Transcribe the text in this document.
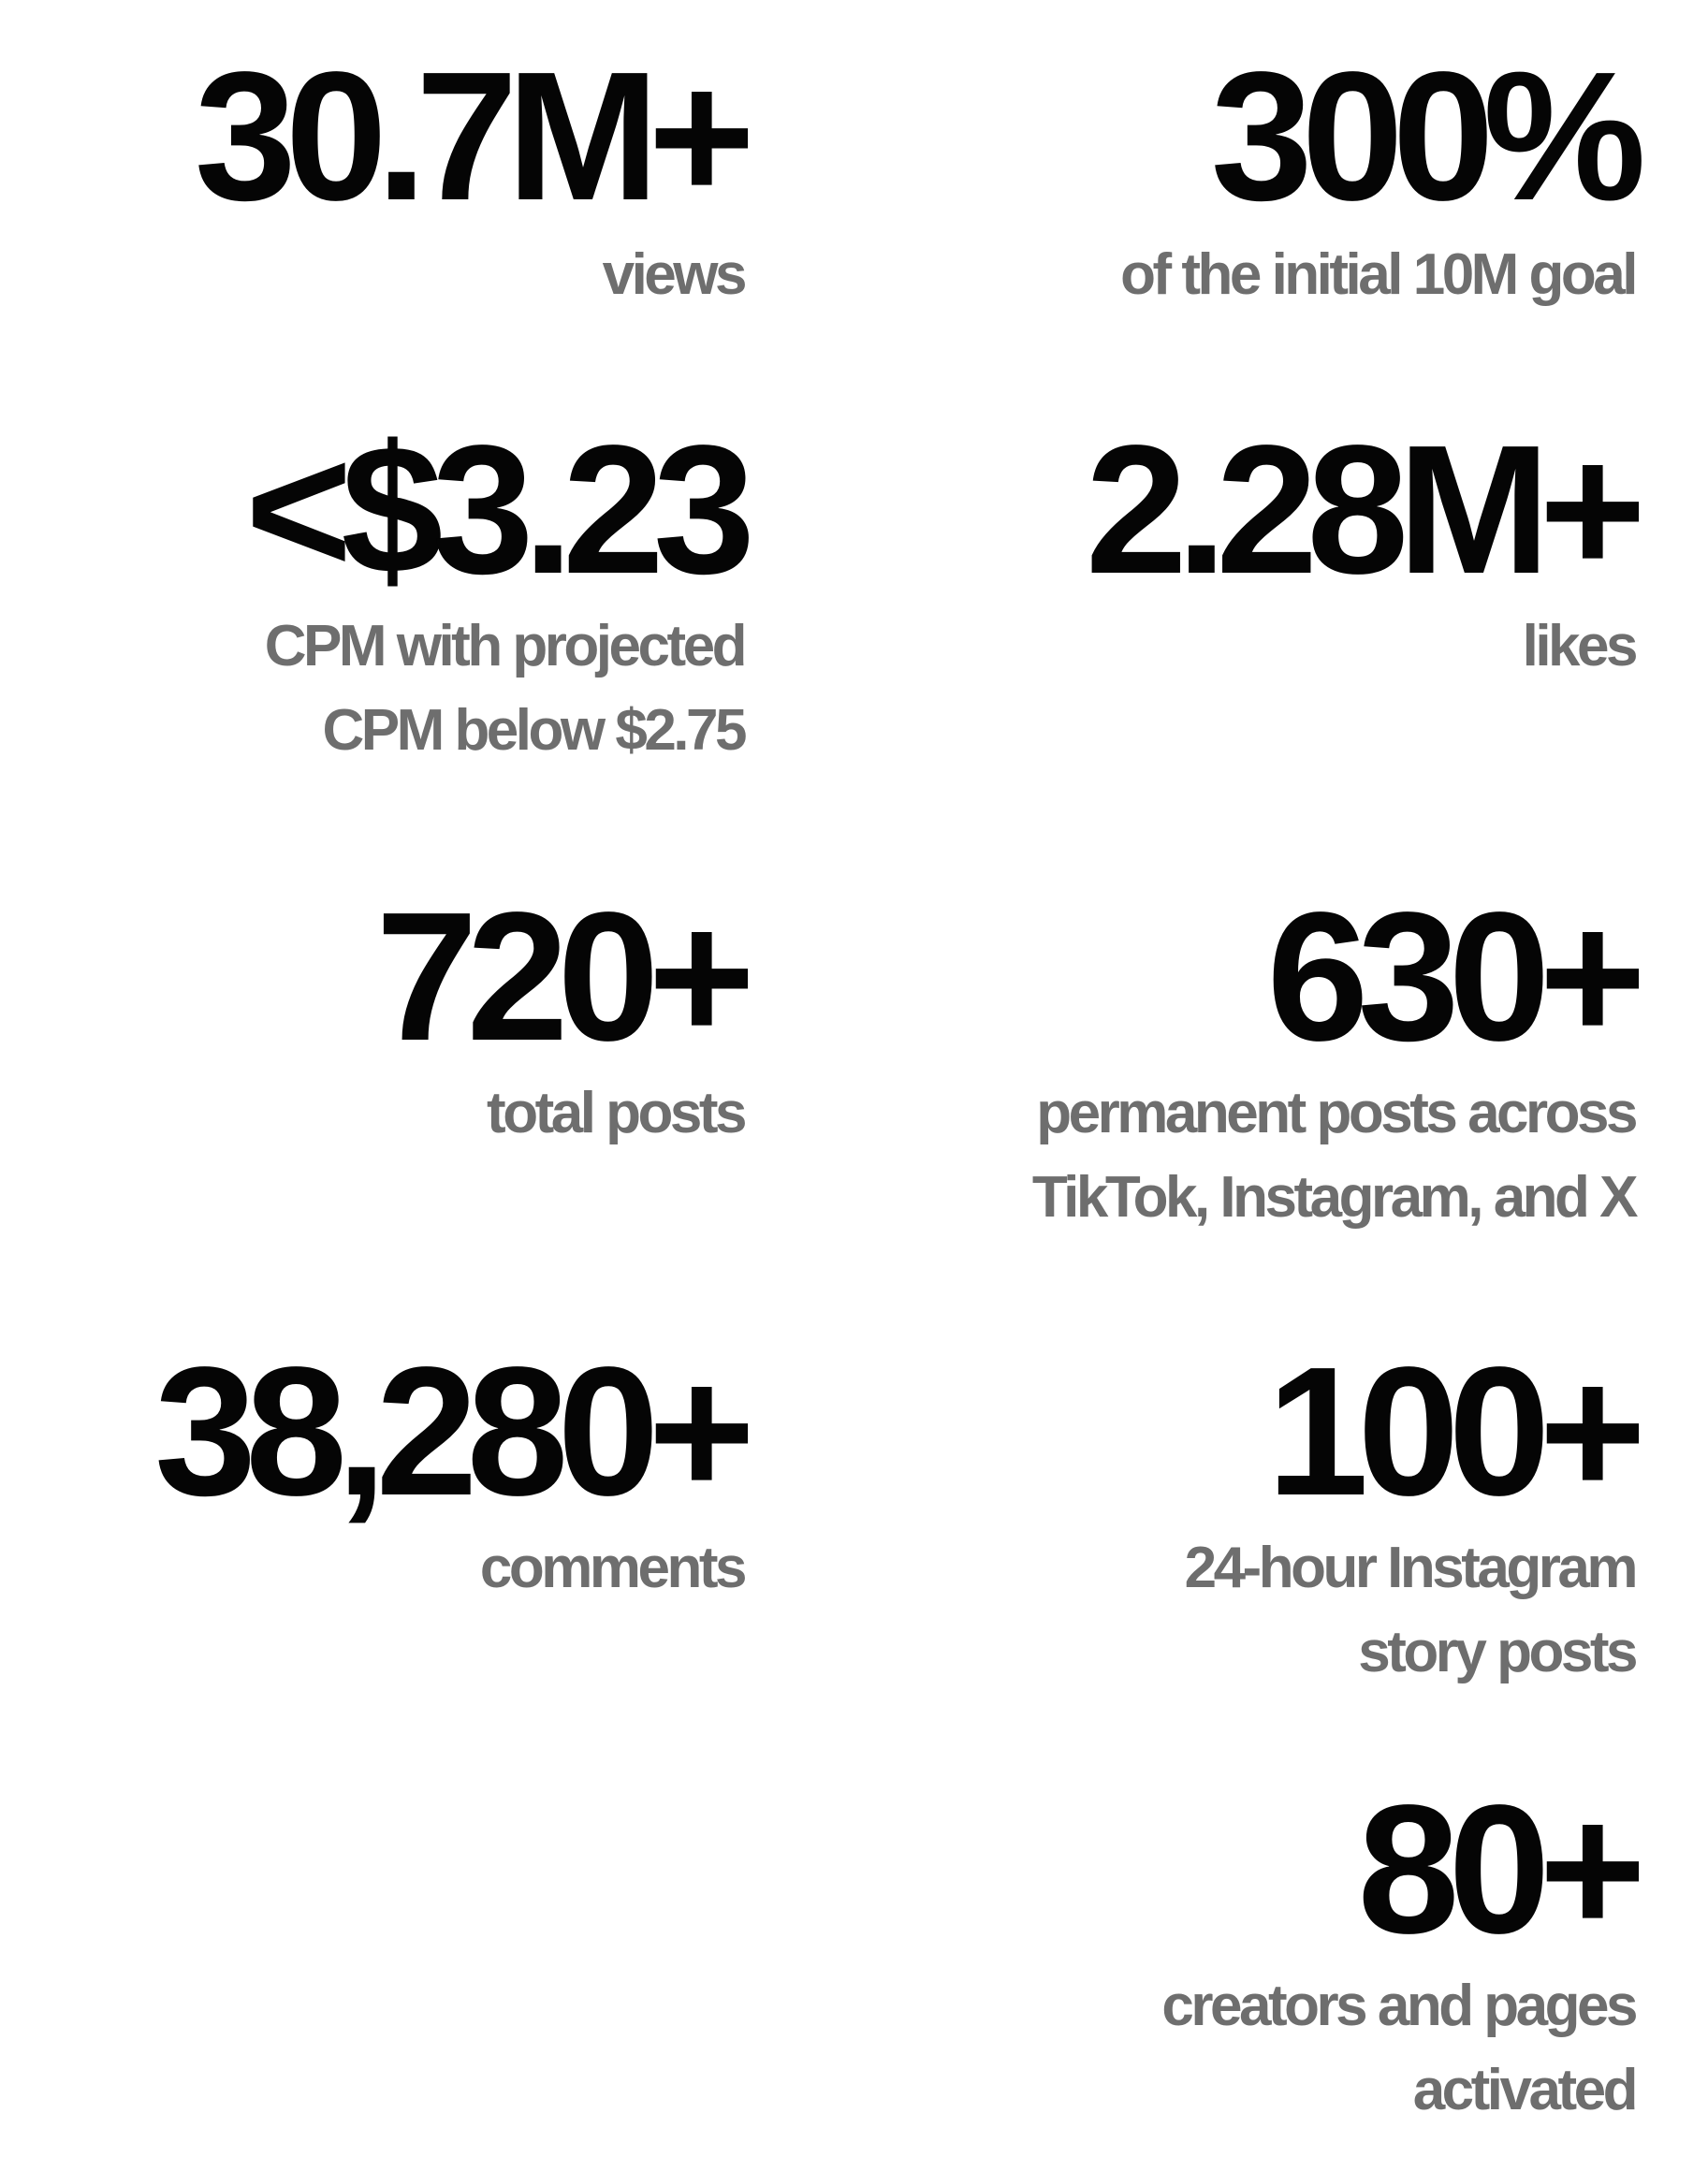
30.7M+
views
300%
of the initial 10M goal
<$3.23
CPM with projected
CPM below $2.75
2.28M+
likes
720+
total posts
630+
permanent posts across
TikTok, Instagram, and X
38,280+
comments
100+
24-hour Instagram
story posts
80+
creators and pages
activated
